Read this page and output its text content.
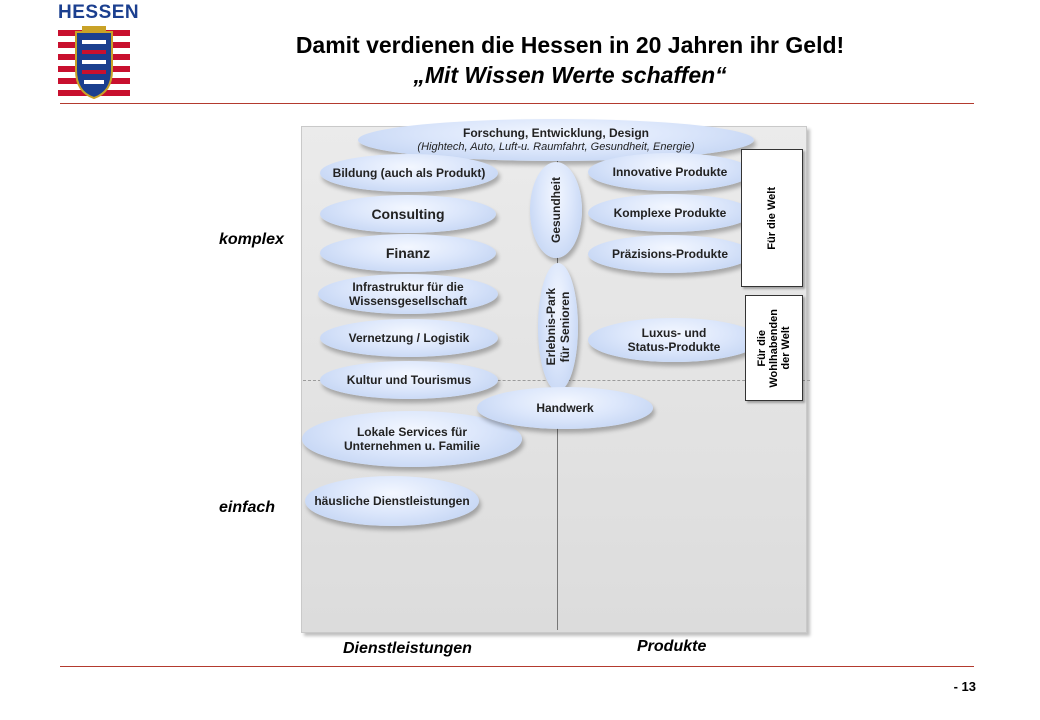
HESSEN
Damit verdienen die Hessen in 20 Jahren ihr Geld!
„Mit Wissen Werte schaffen“
komplex
einfach
Dienstleistungen	Produkte
Forschung, Entwicklung, Design
(Hightech, Auto, Luft-u. Raumfahrt, Gesundheit, Energie)
Bildung (auch als Produkt)
Consulting
Finanz
Infrastruktur für die
Wissensgesellschaft
Vernetzung / Logistik
Kultur und Tourismus
Lokale Services für
Unternehmen u. Familie
häusliche Dienstleistungen
Gesundheit
Erlebnis-Park
für Senioren
Handwerk
Innovative Produkte
Komplexe Produkte
Präzisions-Produkte
Luxus- und
Status-Produkte
Für die Welt
Für die
Wohlhabenden
der Welt
- 13
